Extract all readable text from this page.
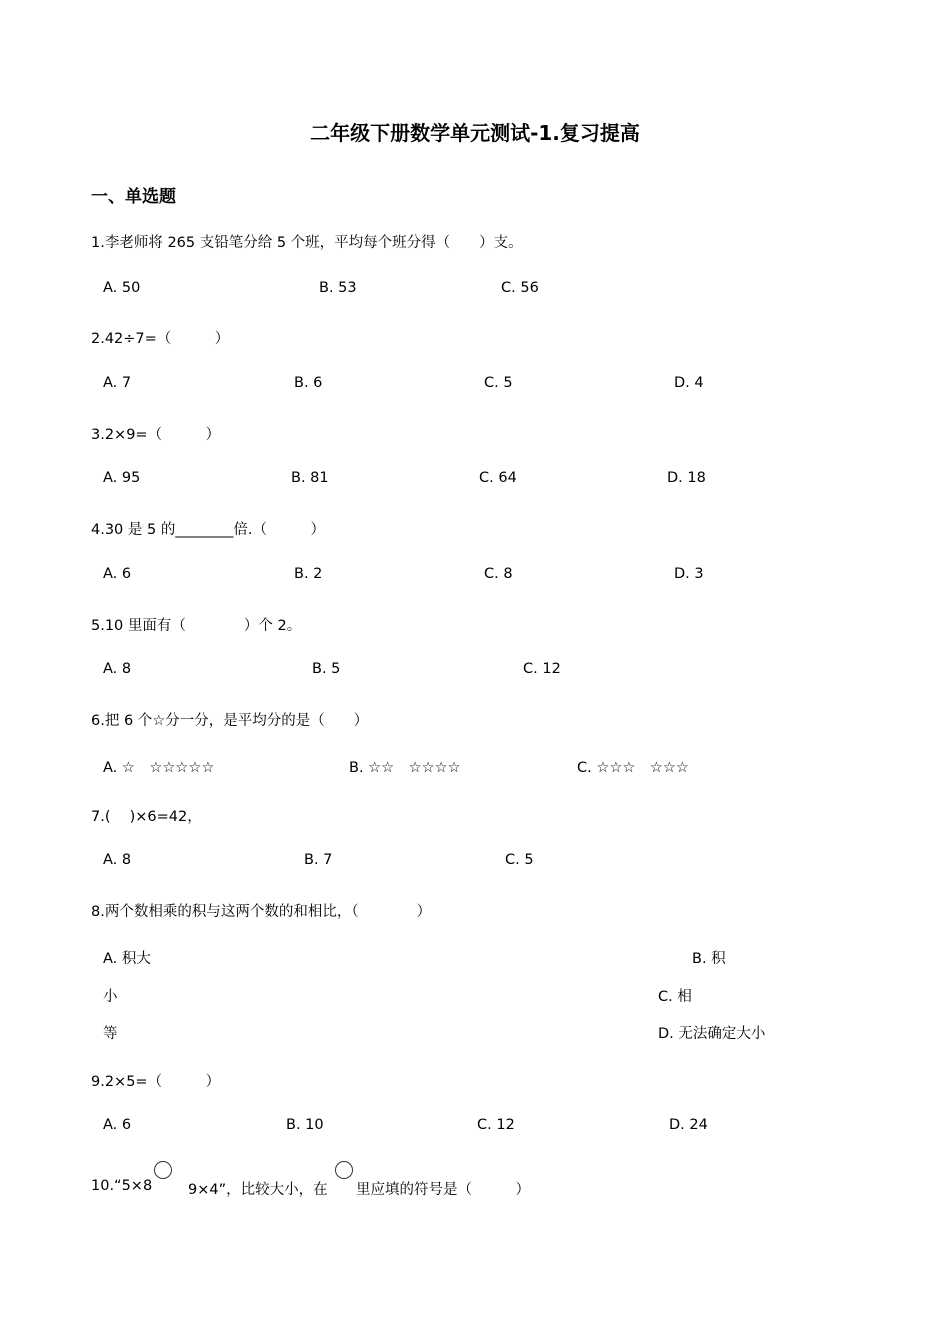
二年级下册数学单元测试-1.复习提高
一、单选题
1.李老师将 265 支铅笔分给 5 个班，平均每个班分得（　　）支。
A. 50	B. 53	C. 56
2.42÷7=（　　　）
A. 7	B. 6	C. 5	D. 4
3.2×9=（　　　）
A. 95	B. 81	C. 64	D. 18
4.30 是 5 的________倍.（　　　）
A. 6	B. 2	C. 8	D. 3
5.10 里面有（　　　　）个 2。
A. 8	B. 5	C. 12
6.把 6 个☆分一分，是平均分的是（　　）
A. ☆　☆☆☆☆☆	B. ☆☆　☆☆☆☆	C. ☆☆☆　☆☆☆
7.(　 )×6=42，
A. 8	B. 7	C. 5
8.两个数相乘的积与这两个数的和相比，（　　　　）
A. 积大	B. 积
小	C. 相
等	D. 无法确定大小
9.2×5=（　　　）
A. 6	B. 10	C. 12	D. 24
10.“5×8 9×4”，比较大小，在 里应填的符号是（　　　）
